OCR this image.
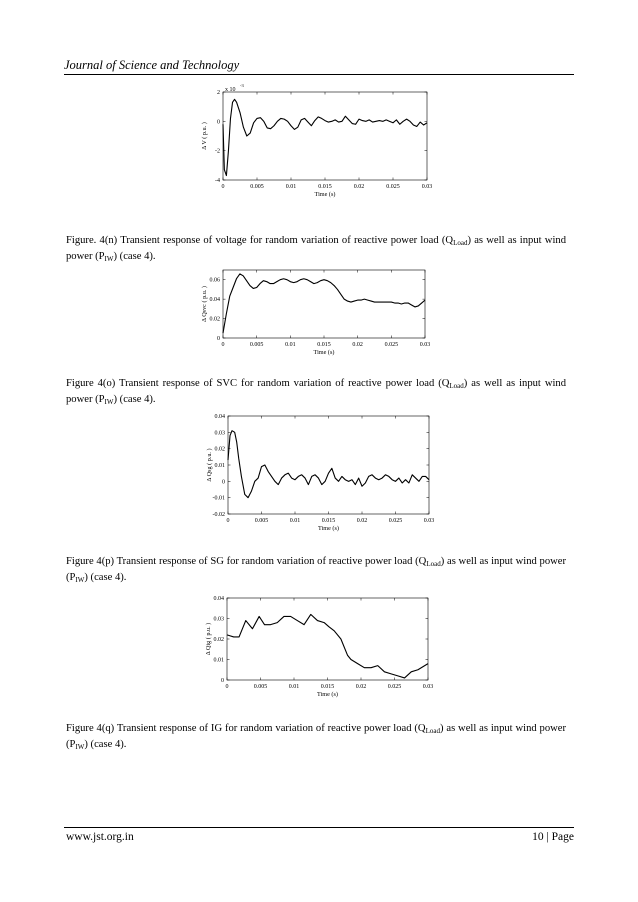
Journal of Science and Technology
0	0.005	0.01	0.015	0.02	0.025	0.03
2
0
-2
-4
Time (s)
Δ V ( p.u. )
x 10
-3
Figure. 4(n) Transient response of voltage for random variation of reactive power load $(Q_{Load})$ as well as input wind power $(P_{IW})$ (case 4).
0	0.005	0.01	0.015	0.02	0.025	0.03
0.06
0.04
0.02
0
Time (s)
Δ Qsvc ( p.u. )
Figure 4(o) Transient response of SVC for random variation of reactive power load $(Q_{Load})$ as well as input wind power $(P_{IW})$ (case 4).
0	0.005	0.01	0.015	0.02	0.025	0.03
0.04
0.03
0.02
0.01
0
-0.01
-0.02
Time (s)
Δ Qsg ( p.u. )
Figure 4(p) Transient response of SG for random variation of reactive power load $(Q_{Load})$ as well as input wind power $(P_{IW})$ (case 4).
0	0.005	0.01	0.015	0.02	0.025	0.03
0.04
0.03
0.02
0.01
0
Time (s)
Δ Qig ( p.u. )
Figure 4(q) Transient response of IG for random variation of reactive power load $(Q_{Load})$ as well as input wind power $(P_{IW})$ (case 4).
www.jst.org.in	10 | Page
